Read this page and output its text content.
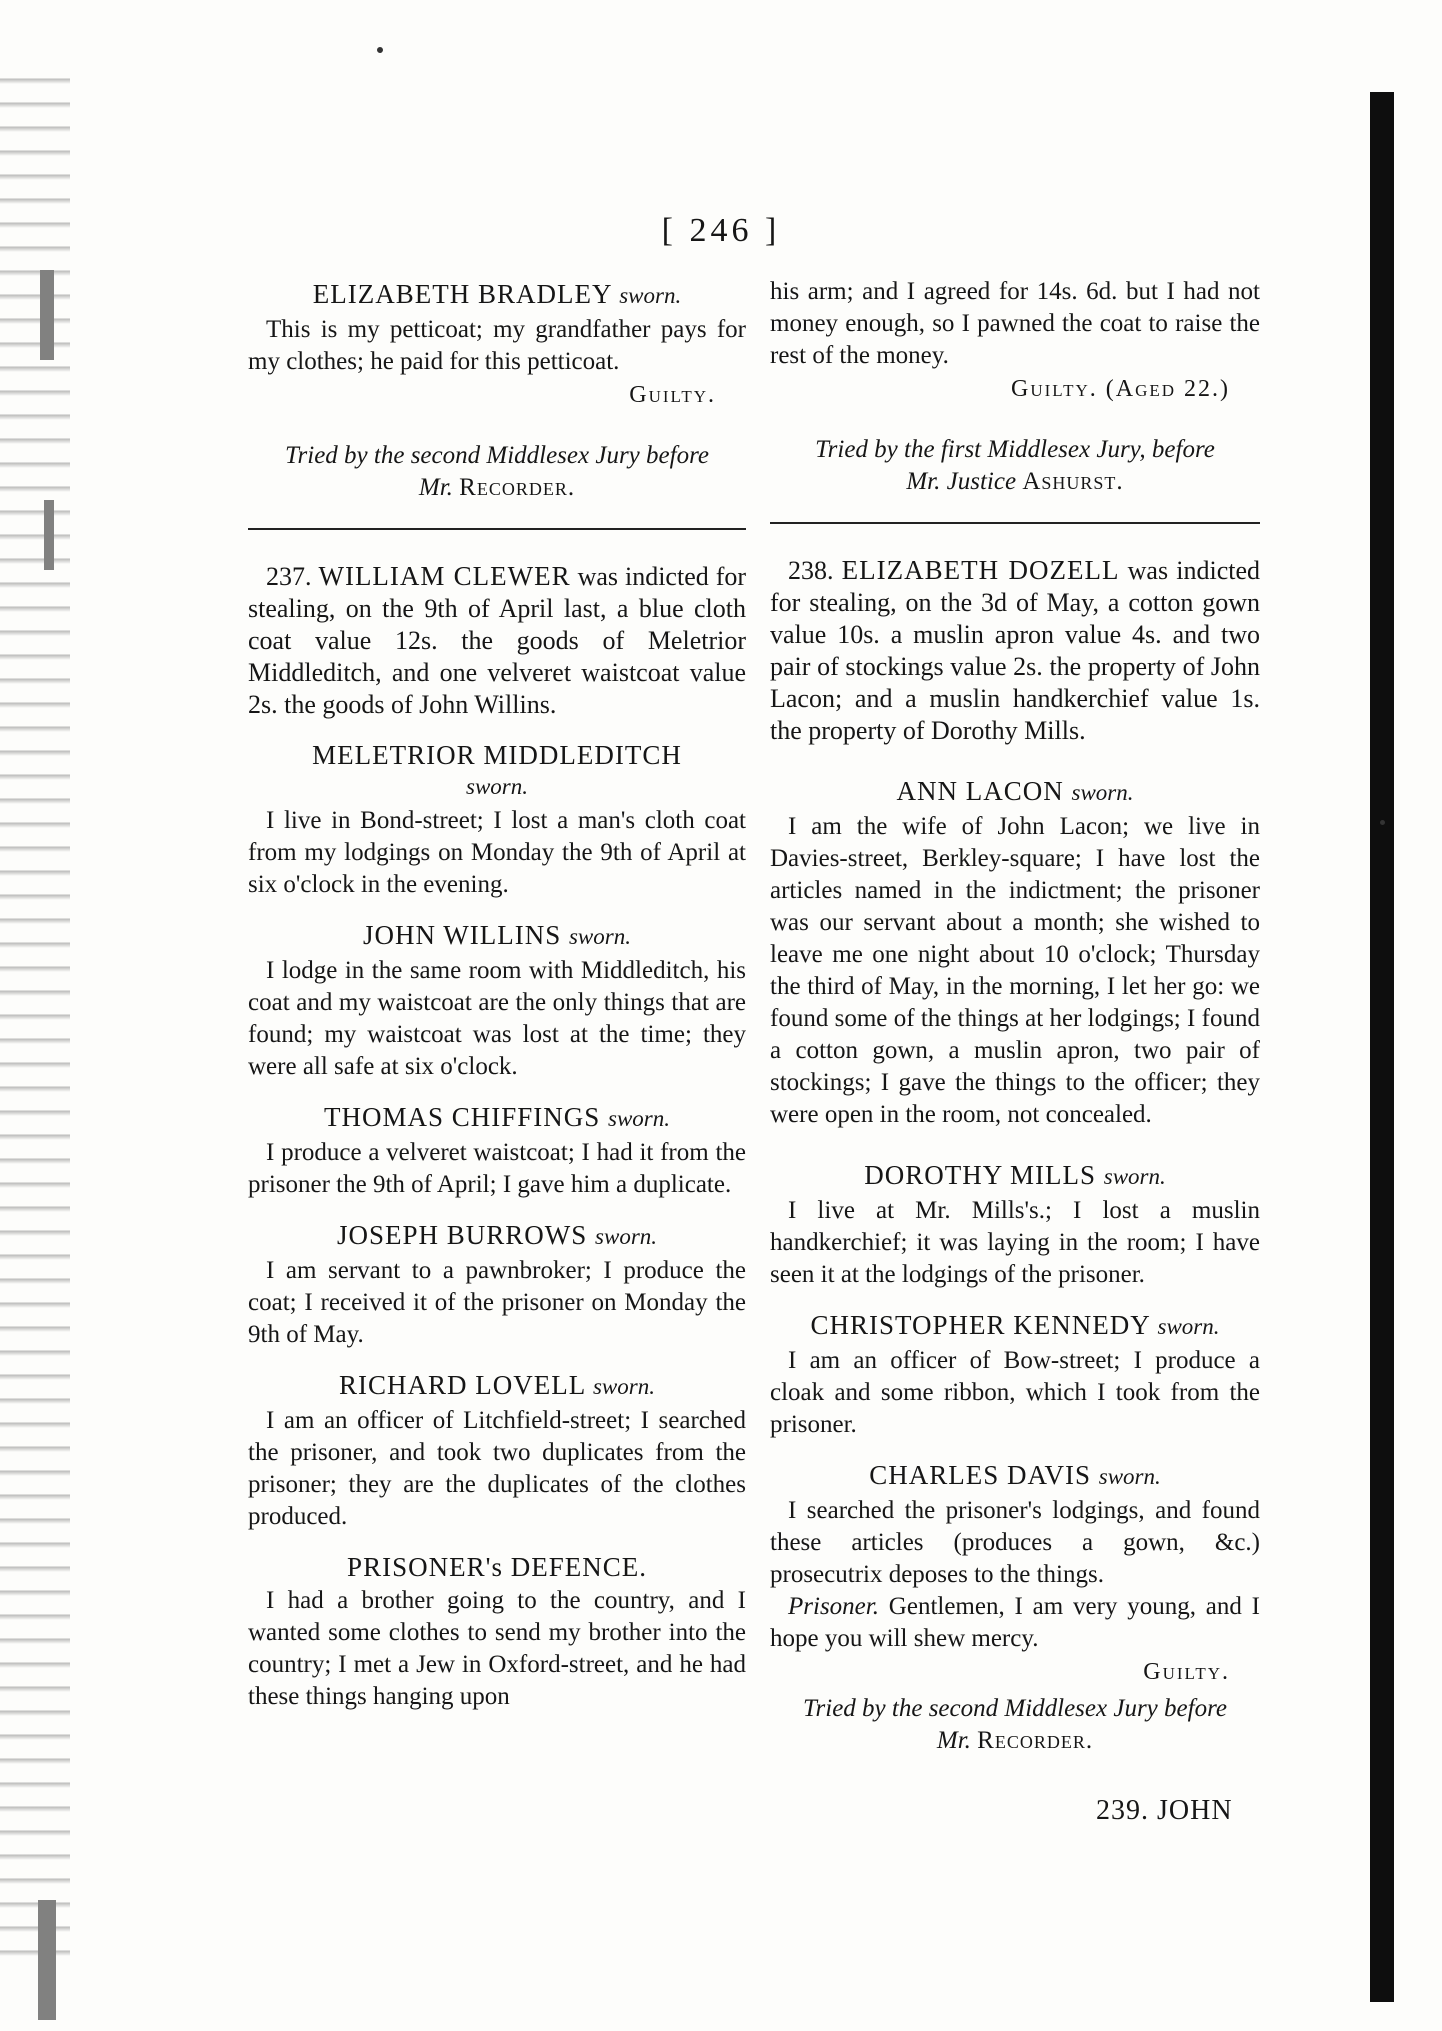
[ 246 ]
ELIZABETH BRADLEY sworn.

This is my petticoat; my grandfather pays for my clothes; he paid for this petticoat.

Guilty.
Tried by the second Middlesex Jury before
Mr. Recorder.

237. WILLIAM CLEWER was indicted for stealing, on the 9th of April last, a blue cloth coat value 12s. the goods of Meletrior Middleditch, and one velveret waistcoat value 2s. the goods of John Willins.

MELETRIOR MIDDLEDITCH
sworn.

I live in Bond-street; I lost a man's cloth coat from my lodgings on Monday the 9th of April at six o'clock in the evening.

JOHN WILLINS sworn.

I lodge in the same room with Middleditch, his coat and my waistcoat are the only things that are found; my waistcoat was lost at the time; they were all safe at six o'clock.

THOMAS CHIFFINGS sworn.

I produce a velveret waistcoat; I had it from the prisoner the 9th of April; I gave him a duplicate.

JOSEPH BURROWS sworn.

I am servant to a pawnbroker; I produce the coat; I received it of the prisoner on Monday the 9th of May.

RICHARD LOVELL sworn.

I am an officer of Litchfield-street; I searched the prisoner, and took two duplicates from the prisoner; they are the duplicates of the clothes produced.

PRISONER's DEFENCE.

I had a brother going to the country, and I wanted some clothes to send my brother into the country; I met a Jew in Oxford-street, and he had these things hanging upon

his arm; and I agreed for 14s. 6d. but I had not money enough, so I pawned the coat to raise the rest of the money.

Guilty. (Aged 22.)
Tried by the first Middlesex Jury, before
Mr. Justice Ashurst.

238. ELIZABETH DOZELL was indicted for stealing, on the 3d of May, a cotton gown value 10s. a muslin apron value 4s. and two pair of stockings value 2s. the property of John Lacon; and a muslin handkerchief value 1s. the property of Dorothy Mills.

ANN LACON sworn.

I am the wife of John Lacon; we live in Davies-street, Berkley-square; I have lost the articles named in the indictment; the prisoner was our servant about a month; she wished to leave me one night about 10 o'clock; Thursday the third of May, in the morning, I let her go: we found some of the things at her lodgings; I found a cotton gown, a muslin apron, two pair of stockings; I gave the things to the officer; they were open in the room, not concealed.

DOROTHY MILLS sworn.

I live at Mr. Mills's.; I lost a muslin handkerchief; it was laying in the room; I have seen it at the lodgings of the prisoner.

CHRISTOPHER KENNEDY sworn.

I am an officer of Bow-street; I produce a cloak and some ribbon, which I took from the prisoner.

CHARLES DAVIS sworn.

I searched the prisoner's lodgings, and found these articles (produces a gown, &c.) prosecutrix deposes to the things.

Prisoner. Gentlemen, I am very young, and I hope you will shew mercy.

Guilty.
Tried by the second Middlesex Jury before
Mr. Recorder.
239. JOHN
